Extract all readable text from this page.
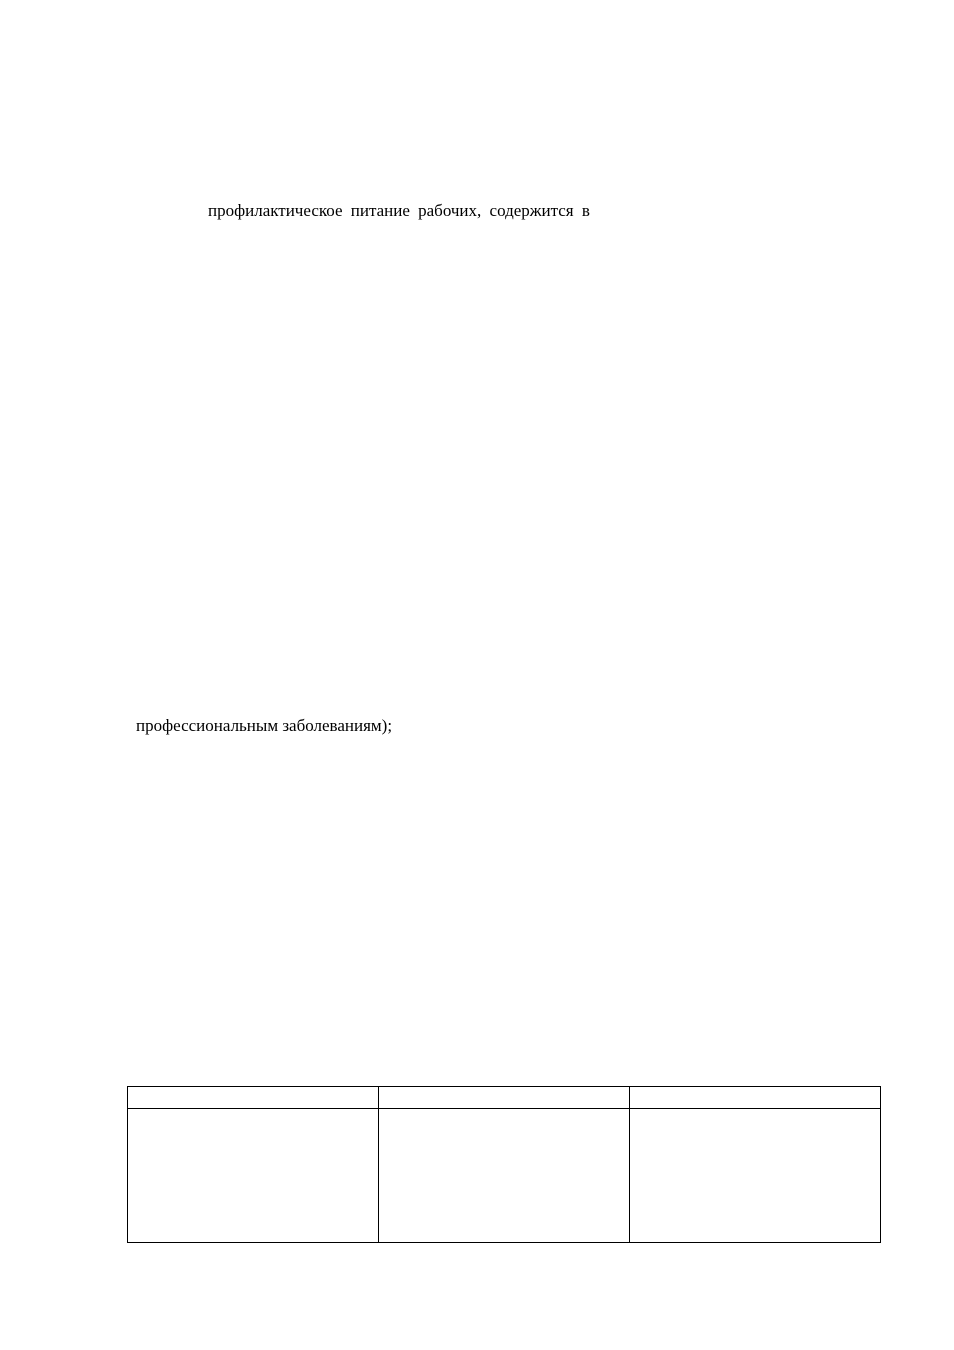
профилактическое питание рабочих, содержится в
профессиональным заболеваниям);
